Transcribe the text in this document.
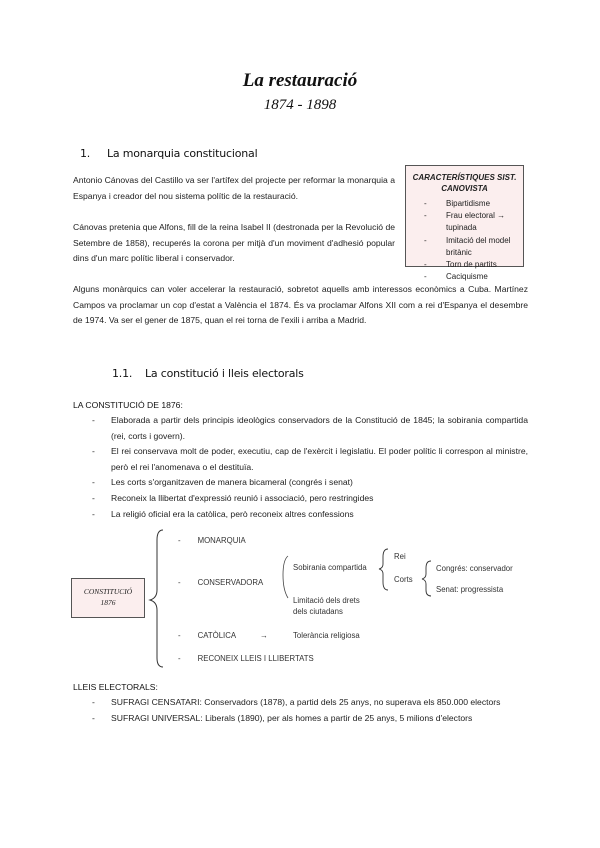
La restauració
1874 - 1898
1. La monarquia constitucional
Antonio Cánovas del Castillo va ser l'artífex del projecte per reformar la monarquia a Espanya i creador del nou sistema polític de la restauració.
Cánovas pretenia que Alfons, fill de la reina Isabel II (destronada per la Revolució de Setembre de 1858), recuperés la corona per mitjà d'un moviment d'adhesió popular dins d'un marc polític liberal i conservador.
Alguns monàrquics can voler accelerar la restauració, sobretot aquells amb interessos econòmics a Cuba. Martínez Campos va proclamar un cop d'estat a València el 1874. És va proclamar Alfons XII com a rei d'Espanya el desembre de 1974. Va ser el gener de 1875, quan el rei torna de l'exili i arriba a Madrid.
CARACTERÍSTIQUES SIST. CANOVISTA
- Bipartidisme
- Frau electoral → tupinada
- Imitació del model britànic
- Torn de partits
- Caciquisme
1.1. La constitució i lleis electorals
LA CONSTITUCIÓ DE 1876:
- Elaborada a partir dels principis ideològics conservadors de la Constitució de 1845; la sobirania compartida (rei, corts i govern).
- El rei conservava molt de poder, executiu, cap de l'exèrcit i legislatiu. El poder polític li correspon al ministre, però el rei l'anomenava o el destituïa.
- Les corts s'organitzaven de manera bicameral (congrés i senat)
- Reconeix la llibertat d'expressió reunió i associació, pero restringides
- La religió oficial era la catòlica, però reconeix altres confessions
CONSTITUCIÓ
1876
- MONARQUIA
- CONSERVADORA
- CATÒLICA	→	Tolerància religiosa
- RECONEIX LLEIS I LLIBERTATS
Sobirania compartida
Limitació dels drets
dels ciutadans
Rei
Corts
Congrés: conservador
Senat: progressista
LLEIS ELECTORALS:
- SUFRAGI CENSATARI: Conservadors (1878), a partid dels 25 anys, no superava els 850.000 electors
- SUFRAGI UNIVERSAL: Liberals (1890), per als homes a partir de 25 anys, 5 milions d'electors
